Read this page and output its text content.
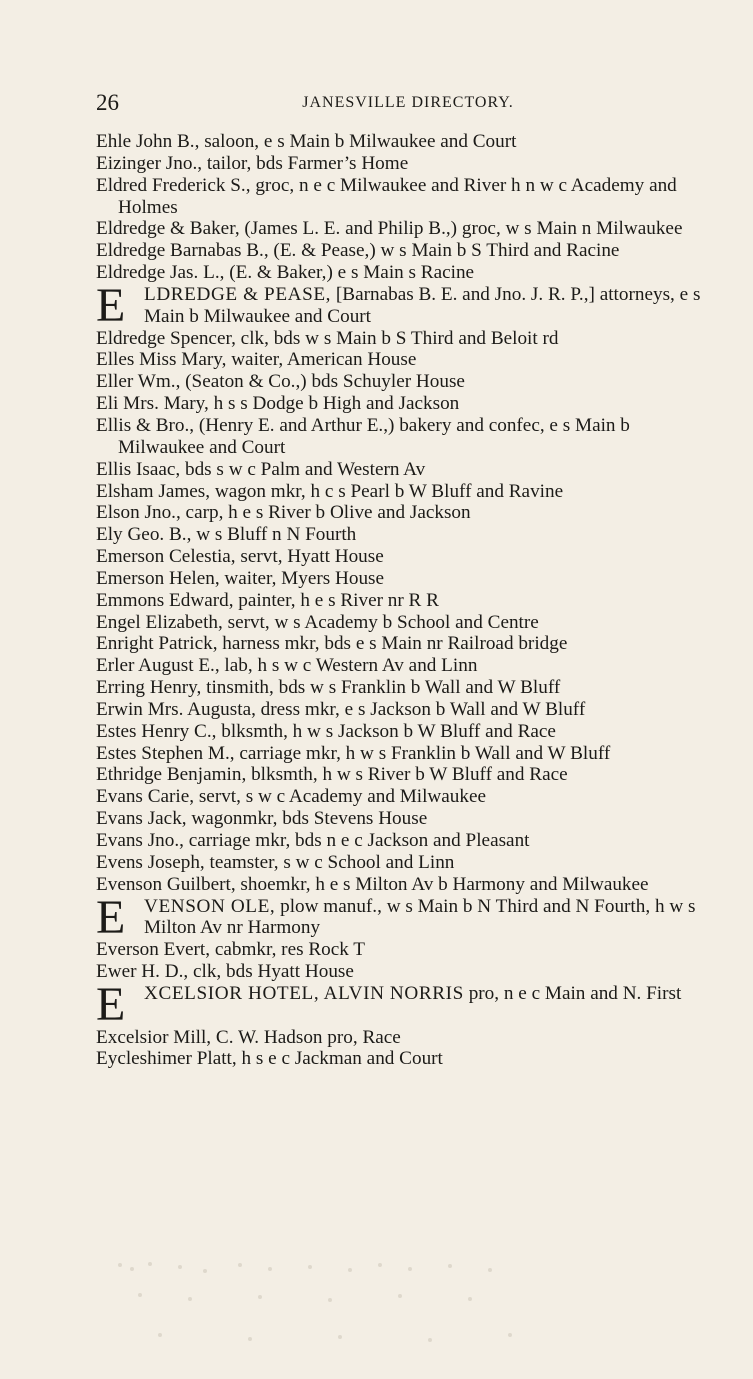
26	JANESVILLE DIRECTORY.
Ehle John B., saloon, e s Main b Milwaukee and Court
Eizinger Jno., tailor, bds Farmer’s Home
Eldred Frederick S., groc, n e c Milwaukee and River h n w c Academy and Holmes
Eldredge & Baker, (James L. E. and Philip B.,) groc, w s Main n Milwaukee
Eldredge Barnabas B., (E. & Pease,) w s Main b S Third and Racine
Eldredge Jas. L., (E. & Baker,) e s Main s Racine
E LDREDGE & PEASE, [Barnabas B. E. and Jno. J. R. P.,] attorneys, e s Main b Milwaukee and Court
Eldredge Spencer, clk, bds w s Main b S Third and Beloit rd
Elles Miss Mary, waiter, American House
Eller Wm., (Seaton & Co.,) bds Schuyler House
Eli Mrs. Mary, h s s Dodge b High and Jackson
Ellis & Bro., (Henry E. and Arthur E.,) bakery and confec, e s Main b Milwaukee and Court
Ellis Isaac, bds s w c Palm and Western Av
Elsham James, wagon mkr, h c s Pearl b W Bluff and Ravine
Elson Jno., carp, h e s River b Olive and Jackson
Ely Geo. B., w s Bluff n N Fourth
Emerson Celestia, servt, Hyatt House
Emerson Helen, waiter, Myers House
Emmons Edward, painter, h e s River nr R R
Engel Elizabeth, servt, w s Academy b School and Centre
Enright Patrick, harness mkr, bds e s Main nr Railroad bridge
Erler August E., lab, h s w c Western Av and Linn
Erring Henry, tinsmith, bds w s Franklin b Wall and W Bluff
Erwin Mrs. Augusta, dress mkr, e s Jackson b Wall and W Bluff
Estes Henry C., blksmth, h w s Jackson b W Bluff and Race
Estes Stephen M., carriage mkr, h w s Franklin b Wall and W Bluff
Ethridge Benjamin, blksmth, h w s River b W Bluff and Race
Evans Carie, servt, s w c Academy and Milwaukee
Evans Jack, wagonmkr, bds Stevens House
Evans Jno., carriage mkr, bds n e c Jackson and Pleasant
Evens Joseph, teamster, s w c School and Linn
Evenson Guilbert, shoemkr, h e s Milton Av b Harmony and Milwaukee
E VENSON OLE, plow manuf., w s Main b N Third and N Fourth, h w s Milton Av nr Harmony
Everson Evert, cabmkr, res Rock T
Ewer H. D., clk, bds Hyatt House
E XCELSIOR HOTEL, ALVIN NORRIS pro, n e c Main and N. First
Excelsior Mill, C. W. Hadson pro, Race
Eycleshimer Platt, h s e c Jackman and Court
